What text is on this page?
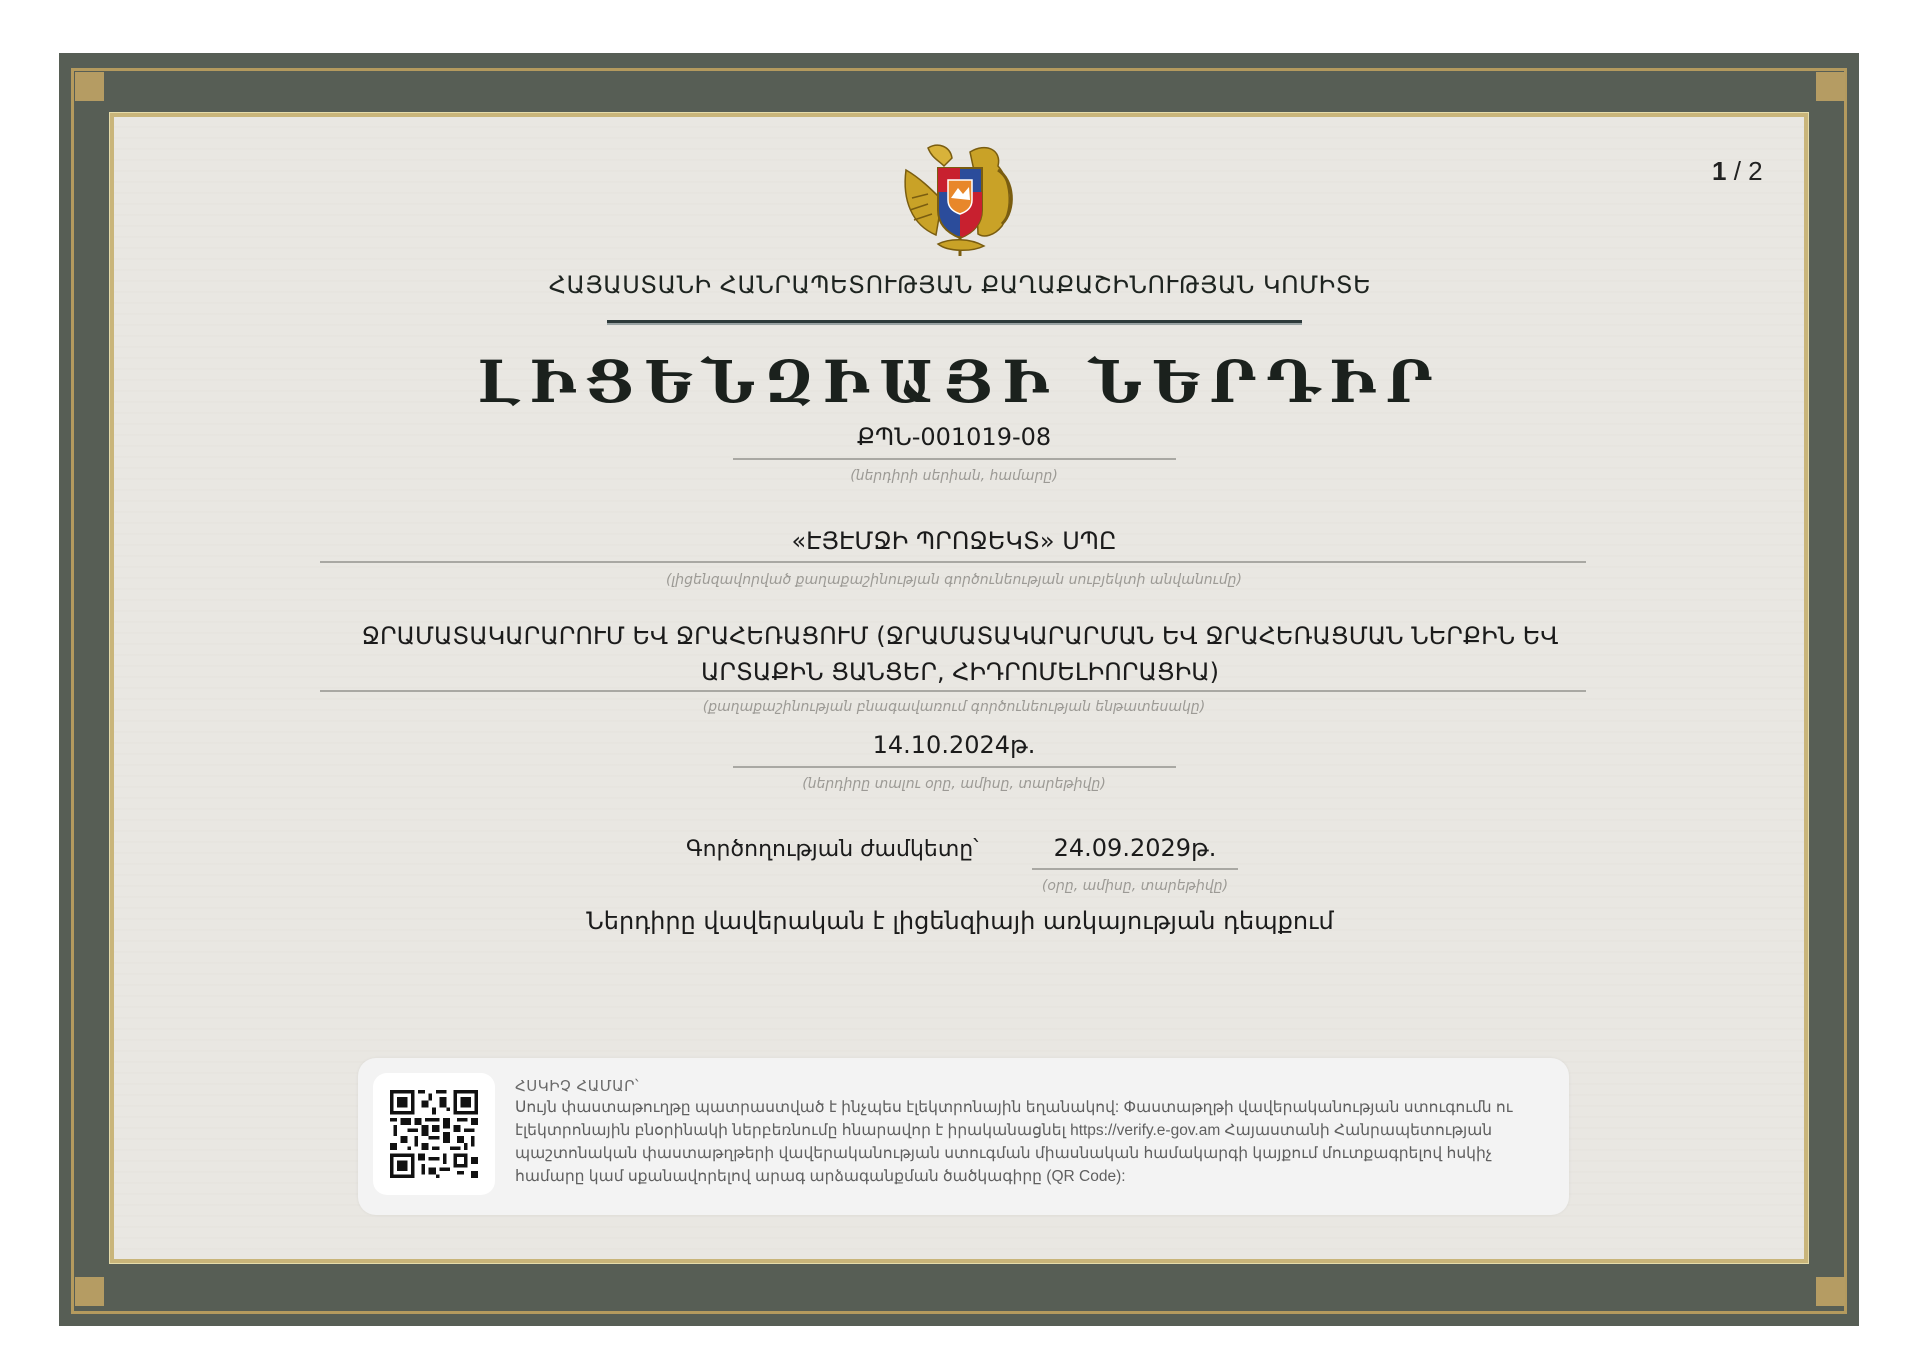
1 / 2
ՀԱՅԱՍՏԱՆԻ ՀԱՆՐԱՊԵՏՈՒԹՅԱՆ ՔԱՂԱՔԱՇԻՆՈՒԹՅԱՆ ԿՈՄԻՏԵ
ԼԻՑԵՆԶԻԱՅԻ ՆԵՐԴԻՐ
ՔՊՆ-001019-08
(ներդիրի սերիան, համարը)
«ԷՅԷՄՋԻ ՊՐՈՋԵԿՏ» ՍՊԸ
(լիցենզավորված քաղաքաշինության գործունեության սուբյեկտի անվանումը)
ՋՐԱՄԱՏԱԿԱՐԱՐՈՒՄ ԵՎ ՋՐԱՀԵՌԱՑՈՒՄ (ՋՐԱՄԱՏԱԿԱՐԱՐՄԱՆ ԵՎ ՋՐԱՀԵՌԱՑՄԱՆ ՆԵՐՔԻՆ ԵՎ
ԱՐՏԱՔԻՆ ՑԱՆՑԵՐ, ՀԻԴՐՈՄԵԼԻՈՐԱՑԻԱ)
(քաղաքաշինության բնագավառում գործունեության ենթատեսակը)
14.10.2024թ.
(ներդիրը տալու օրը, ամիսը, տարեթիվը)
Գործողության ժամկետը՝	24.09.2029թ.
(օրը, ամիսը, տարեթիվը)
Ներդիրը վավերական է լիցենզիայի առկայության դեպքում
ՀՍԿԻՉ ՀԱՄԱՐ՝
Սույն փաստաթուղթը պատրաստված է ինչպես էլեկտրոնային եղանակով: Փաստաթղթի վավերականության ստուգումն ու էլեկտրոնային բնօրինակի ներբեռնումը հնարավոր է իրականացնել https://verify.e-gov.am Հայաստանի Հանրապետության պաշտոնական փաստաթղթերի վավերականության ստուգման միասնական համակարգի կայքում մուտքագրելով հսկիչ համարը կամ սքանավորելով արագ արձագանքման ծածկագիրը (QR Code):
